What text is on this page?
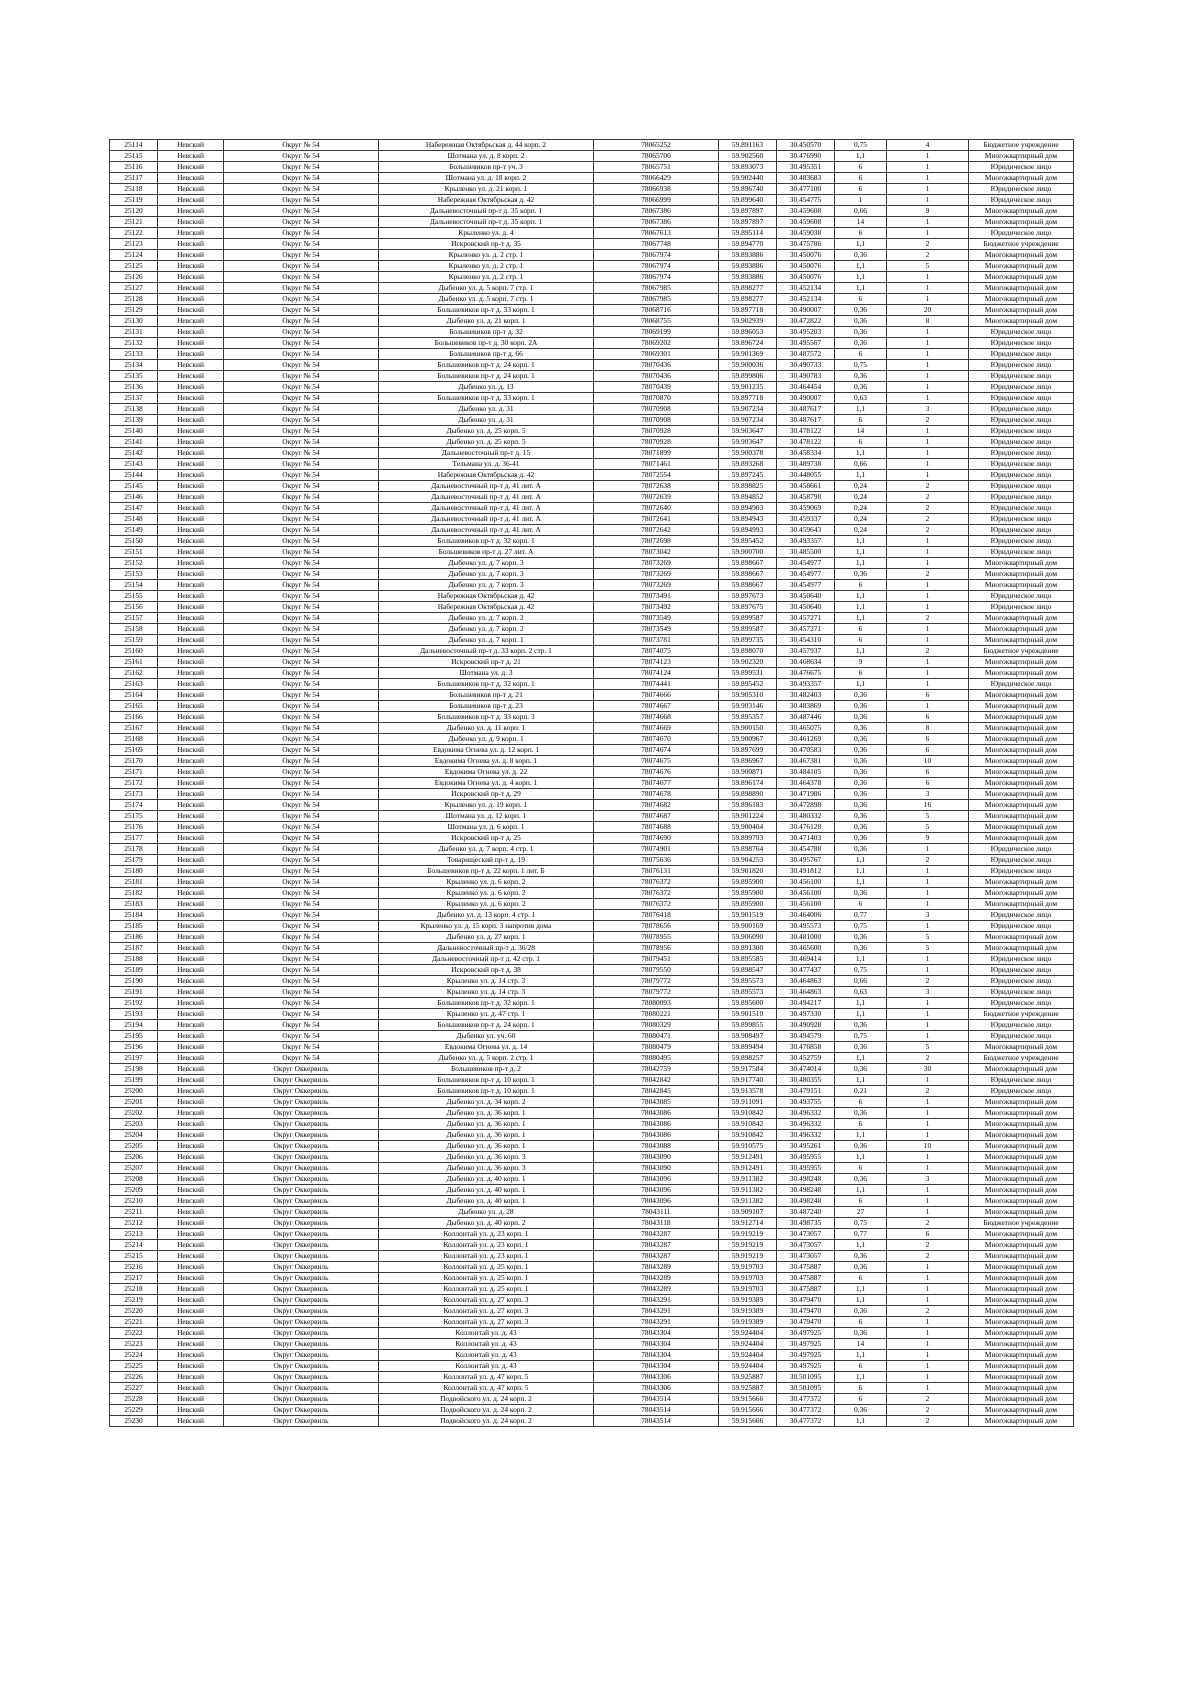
25114	Невский	Округ № 54	Набережная Октябрьская д. 44 корп. 2	78065252	59.891163	30.450570	0,75	4	Бюджетное учреждение
25115	Невский	Округ № 54	Шотмана ул. д. 8 корп. 2	78065700	59.902560	30.476990	1,1	1	Многоквартирный дом
25116	Невский	Округ № 54	Большевиков пр-т уч. 3	78065751	59.893073	30.495351	6	1	Юридическое лицо
25117	Невский	Округ № 54	Шотмана ул. д. 18 корп. 2	78066429	59.902440	30.483683	6	1	Многоквартирный дом
25118	Невский	Округ № 54	Крыленко ул. д. 21 корп. 1	78066938	59.896740	30.477100	6	1	Юридическое лицо
25119	Невский	Округ № 54	Набережная Октябрьская д. 42	78066999	59.899640	30.454775	1	1	Юридическое лицо
25120	Невский	Округ № 54	Дальневосточный пр-т д. 35 корп. 1	78067386	59.897897	30.459608	0,66	9	Многоквартирный дом
25121	Невский	Округ № 54	Дальневосточный пр-т д. 35 корп. 1	78067386	59.897897	30.459608	14	1	Многоквартирный дом
25122	Невский	Округ № 54	Крыленко ул. д. 4	78067613	59.895114	30.459038	6	1	Юридическое лицо
25123	Невский	Округ № 54	Искровский пр-т д. 35	78067748	59.894770	30.475786	1,1	2	Бюджетное учреждение
25124	Невский	Округ № 54	Крыленко ул. д. 2 стр. 1	78067974	59.893886	30.450076	0,36	2	Многоквартирный дом
25125	Невский	Округ № 54	Крыленко ул. д. 2 стр. 1	78067974	59.893886	30.450076	1,1	5	Многоквартирный дом
25126	Невский	Округ № 54	Крыленко ул. д. 2 стр. 1	78067974	59.893886	30.450076	1,1	1	Многоквартирный дом
25127	Невский	Округ № 54	Дыбенко ул. д. 5 корп. 7 стр. 1	78067985	59.898277	30.452134	1,1	1	Многоквартирный дом
25128	Невский	Округ № 54	Дыбенко ул. д. 5 корп. 7 стр. 1	78067985	59.898277	30.452134	6	1	Многоквартирный дом
25129	Невский	Округ № 54	Большевиков пр-т д. 33 корп. 1	78068716	59.897718	30.490007	0,36	20	Многоквартирный дом
25130	Невский	Округ № 54	Дыбенко ул. д. 21 корп. 1	78068755	59.902939	30.472822	0,36	8	Многоквартирный дом
25131	Невский	Округ № 54	Большевиков пр-т д. 32	78069199	59.896053	30.495203	0,36	1	Юридическое лицо
25132	Невский	Округ № 54	Большевиков пр-т д. 30 корп. 2А	78069202	59.896724	30.495567	0,36	1	Юридическое лицо
25133	Невский	Округ № 54	Большевиков пр-т д. 66	78069301	59.901369	30.487572	6	1	Юридическое лицо
25134	Невский	Округ № 54	Большевиков пр-т д. 24 корп. 1	78070436	59.900036	30.490733	0,75	1	Юридическое лицо
25135	Невский	Округ № 54	Большевиков пр-т д. 24 корп. 1	78070436	59.899806	30.490783	0,36	1	Юридическое лицо
25136	Невский	Округ № 54	Дыбенко ул. д. 13	78070439	59.901235	30.464454	0,36	1	Юридическое лицо
25137	Невский	Округ № 54	Большевиков пр-т д. 33 корп. 1	78070870	59.897718	30.490007	0,63	1	Юридическое лицо
25138	Невский	Округ № 54	Дыбенко ул. д. 31	78070908	59.907234	30.487617	1,1	3	Юридическое лицо
25139	Невский	Округ № 54	Дыбенко ул. д. 31	78070908	59.907234	30.487617	6	2	Юридическое лицо
25140	Невский	Округ № 54	Дыбенко ул. д. 25 корп. 5	78070928	59.903647	30.478122	14	1	Юридическое лицо
25141	Невский	Округ № 54	Дыбенко ул. д. 25 корп. 5	78070928	59.903647	30.478122	6	1	Юридическое лицо
25142	Невский	Округ № 54	Дальневосточный пр-т д. 15	78071899	59.900378	30.458334	1,1	1	Юридическое лицо
25143	Невский	Округ № 54	Тельмана ул. д. 36-41	78071461	59.893268	30.489738	0,66	1	Юридическое лицо
25144	Невский	Округ № 54	Набережная Октябрьская д. 42	78072554	59.897245	30.448055	1,1	1	Юридическое лицо
25145	Невский	Округ № 54	Дальневосточный пр-т д. 41 лит. А	78072638	59.898825	30.458661	0,24	2	Юридическое лицо
25146	Невский	Округ № 54	Дальневосточный пр-т д. 41 лит. А	78072639	59.894852	30.458798	0,24	2	Юридическое лицо
25147	Невский	Округ № 54	Дальневосточный пр-т д. 41 лит. А	78072640	59.894903	30.459069	0,24	2	Юридическое лицо
25148	Невский	Округ № 54	Дальневосточный пр-т д. 41 лит. А	78072641	59.894943	30.459337	0,24	2	Юридическое лицо
25149	Невский	Округ № 54	Дальневосточный пр-т д. 41 лит. А	78072642	59.894993	30.459643	0,24	2	Юридическое лицо
25150	Невский	Округ № 54	Большевиков пр-т д. 32 корп. 1	78072698	59.895452	30.493357	1,1	1	Юридическое лицо
25151	Невский	Округ № 54	Большевиков пр-т д. 27 лит. А	78073042	59.900700	30.485500	1,1	1	Юридическое лицо
25152	Невский	Округ № 54	Дыбенко ул. д. 7 корп. 3	78073269	59.898667	30.454977	1,1	1	Многоквартирный дом
25153	Невский	Округ № 54	Дыбенко ул. д. 7 корп. 3	78073269	59.898667	30.454977	0,36	2	Многоквартирный дом
25154	Невский	Округ № 54	Дыбенко ул. д. 7 корп. 3	78073269	59.898667	30.454977	6	1	Многоквартирный дом
25155	Невский	Округ № 54	Набережная Октябрьская д. 42	78073491	59.897673	30.450640	1,1	1	Юридическое лицо
25156	Невский	Округ № 54	Набережная Октябрьская д. 42	78073492	59.897675	30.450640	1,1	1	Юридическое лицо
25157	Невский	Округ № 54	Дыбенко ул. д. 7 корп. 2	78073549	59.899587	30.457271	1,1	2	Многоквартирный дом
25158	Невский	Округ № 54	Дыбенко ул. д. 7 корп. 2	78073549	59.899587	30.457271	6	1	Многоквартирный дом
25159	Невский	Округ № 54	Дыбенко ул. д. 7 корп. 1	78073781	59.899735	30.454310	6	1	Многоквартирный дом
25160	Невский	Округ № 54	Дальневосточный пр-т д. 33 корп. 2 стр. 1	78074075	59.898070	30.457937	1,1	2	Бюджетное учреждение
25161	Невский	Округ № 54	Искровский пр-т д. 21	78074123	59.902320	30.468634	9	1	Многоквартирный дом
25162	Невский	Округ № 54	Шотмана ул. д. 3	78074124	59.899531	30.476675	6	1	Многоквартирный дом
25163	Невский	Округ № 54	Большевиков пр-т д. 32 корп. 1	78074441	59.895452	30.493357	1,1	1	Юридическое лицо
25164	Невский	Округ № 54	Большевиков пр-т д. 21	78074666	59.905310	30.482403	0,36	6	Многоквартирный дом
25165	Невский	Округ № 54	Большевиков пр-т д. 23	78074667	59.903146	30.483869	0,36	1	Многоквартирный дом
25166	Невский	Округ № 54	Большевиков пр-т д. 33 корп. 3	78074668	59.895357	30.487446	0,36	6	Многоквартирный дом
25167	Невский	Округ № 54	Дыбенко ул. д. 11 корп. 1	78074669	59.900150	30.465075	0,36	8	Многоквартирный дом
25168	Невский	Округ № 54	Дыбенко ул. д. 9 корп. 1	78074670	59.900967	30.461269	0,36	6	Многоквартирный дом
25169	Невский	Округ № 54	Евдокима Огнева ул. д. 12 корп. 1	78074674	59.897699	30.470583	0,36	6	Многоквартирный дом
25170	Невский	Округ № 54	Евдокима Огнева ул. д. 8 корп. 1	78074675	59.896967	30.467381	0,36	10	Многоквартирный дом
25171	Невский	Округ № 54	Евдокима Огнева ул. д. 22	78074676	59.900871	30.484105	0,36	6	Многоквартирный дом
25172	Невский	Округ № 54	Евдокима Огнева ул. д. 4 корп. 1	78074677	59.896174	30.464378	0,36	6	Многоквартирный дом
25173	Невский	Округ № 54	Искровский пр-т д. 29	78074678	59.898890	30.471986	0,36	3	Многоквартирный дом
25174	Невский	Округ № 54	Крыленко ул. д. 19 корп. 1	78074682	59.896183	30.472898	0,36	16	Многоквартирный дом
25175	Невский	Округ № 54	Шотмана ул. д. 12 корп. 1	78074687	59.901224	30.480332	0,36	5	Многоквартирный дом
25176	Невский	Округ № 54	Шотмана ул. д. 6 корп. 1	78074688	59.900404	30.476128	0,36	5	Многоквартирный дом
25177	Невский	Округ № 54	Искровский пр-т д. 25	78074690	59.899793	30.471403	0,36	9	Многоквартирный дом
25178	Невский	Округ № 54	Дыбенко ул. д. 7 корп. 4 стр. 1	78074901	59.898764	30.454788	0,36	1	Юридическое лицо
25179	Невский	Округ № 54	Товарищеский пр-т д. 19	78075636	59.904253	30.495767	1,1	2	Юридическое лицо
25180	Невский	Округ № 54	Большевиков пр-т д. 22 корп. 1 лит. Б	78076131	59.901820	30.491812	1,1	1	Юридическое лицо
25181	Невский	Округ № 54	Крыленко ул. д. 6 корп. 2	78076372	59.895900	30.456100	1,1	1	Многоквартирный дом
25182	Невский	Округ № 54	Крыленко ул. д. 6 корп. 2	78076372	59.895900	30.456100	0,36	1	Многоквартирный дом
25183	Невский	Округ № 54	Крыленко ул. д. 6 корп. 2	78076372	59.895900	30.456100	6	1	Многоквартирный дом
25184	Невский	Округ № 54	Дыбенко ул. д. 13 корп. 4 стр. 1	78076418	59.901519	30.464006	0,77	3	Юридическое лицо
25185	Невский	Округ № 54	Крыленко ул. д. 15 корп. 3 напротив дома	78078656	59.900169	30.495573	0,75	1	Юридическое лицо
25186	Невский	Округ № 54	Дыбенко ул. д. 27 корп. 1	78078955	59.906090	30.481000	0,36	5	Многоквартирный дом
25187	Невский	Округ № 54	Дальневосточный пр-т д. 36/28	78078956	59.891300	30.465600	0,36	5	Многоквартирный дом
25188	Невский	Округ № 54	Дальневосточный пр-т д. 42 стр. 1	78079451	59.895585	30.469414	1,1	1	Юридическое лицо
25189	Невский	Округ № 54	Искровский пр-т д. 38	78079550	59.898547	30.477437	0,75	1	Юридическое лицо
25190	Невский	Округ № 54	Крыленко ул. д. 14 стр. 3	78079772	59.895573	30.464863	0,66	2	Юридическое лицо
25191	Невский	Округ № 54	Крыленко ул. д. 14 стр. 3	78079772	59.895573	30.464863	0,63	3	Юридическое лицо
25192	Невский	Округ № 54	Большевиков пр-т д. 32 корп. 1	78080093	59.895600	30.494217	1,1	1	Юридическое лицо
25193	Невский	Округ № 54	Крыленко ул. д. 47 стр. 1	78080221	59.901510	30.497330	1,1	1	Бюджетное учреждение
25194	Невский	Округ № 54	Большевиков пр-т д. 24 корп. 1	78080329	59.899855	30.490928	0,36	1	Юридическое лицо
25195	Невский	Округ № 54	Дыбенко ул. уч. 60	78080471	59.908497	30.494579	0,75	1	Юридическое лицо
25196	Невский	Округ № 54	Евдокима Огнева ул. д. 14	78080479	59.899494	30.476858	0,36	5	Многоквартирный дом
25197	Невский	Округ № 54	Дыбенко ул. д. 5 корп. 2 стр. 1	78080495	59.898257	30.452759	1,1	2	Бюджетное учреждение
25198	Невский	Округ Оккервиль	Большевиков пр-т д. 2	78042759	59.917584	30.474014	0,36	30	Многоквартирный дом
25199	Невский	Округ Оккервиль	Большевиков пр-т д. 10 корп. 1	78042842	59.917740	30.480355	1,1	1	Юридическое лицо
25200	Невский	Округ Оккервиль	Большевиков пр-т д. 10 корп. 1	78042845	59.913578	30.479151	0,21	2	Юридическое лицо
25201	Невский	Округ Оккервиль	Дыбенко ул. д. 34 корп. 2	78043085	59.911091	30.493755	6	1	Многоквартирный дом
25202	Невский	Округ Оккервиль	Дыбенко ул. д. 36 корп. 1	78043086	59.910842	30.496332	0,36	1	Многоквартирный дом
25203	Невский	Округ Оккервиль	Дыбенко ул. д. 36 корп. 1	78043086	59.910842	30.496332	6	1	Многоквартирный дом
25204	Невский	Округ Оккервиль	Дыбенко ул. д. 36 корп. 1	78043086	59.910842	30.496332	1,1	1	Многоквартирный дом
25205	Невский	Округ Оккервиль	Дыбенко ул. д. 36 корп. 1	78043088	59.910575	30.495261	0,36	10	Многоквартирный дом
25206	Невский	Округ Оккервиль	Дыбенко ул. д. 36 корп. 3	78043090	59.912491	30.495955	1,1	1	Многоквартирный дом
25207	Невский	Округ Оккервиль	Дыбенко ул. д. 36 корп. 3	78043090	59.912491	30.495955	6	1	Многоквартирный дом
25208	Невский	Округ Оккервиль	Дыбенко ул. д. 40 корп. 1	78043096	59.911382	30.498248	0,36	3	Многоквартирный дом
25209	Невский	Округ Оккервиль	Дыбенко ул. д. 40 корп. 1	78043096	59.911382	30.498248	1,1	1	Многоквартирный дом
25210	Невский	Округ Оккервиль	Дыбенко ул. д. 40 корп. 1	78043096	59.911382	30.498248	6	1	Многоквартирный дом
25211	Невский	Округ Оккервиль	Дыбенко ул. д. 28	78043111	59.909107	30.487240	27	1	Многоквартирный дом
25212	Невский	Округ Оккервиль	Дыбенко ул. д. 40 корп. 2	78043118	59.912714	30.498735	0,75	2	Бюджетное учреждение
25213	Невский	Округ Оккервиль	Коллонтай ул. д. 23 корп. 1	78043287	59.919219	30.473057	0,77	6	Многоквартирный дом
25214	Невский	Округ Оккервиль	Коллонтай ул. д. 23 корп. 1	78043287	59.919219	30.473057	1,1	2	Многоквартирный дом
25215	Невский	Округ Оккервиль	Коллонтай ул. д. 23 корп. 1	78043287	59.919219	30.473057	0,36	2	Многоквартирный дом
25216	Невский	Округ Оккервиль	Коллонтай ул. д. 25 корп. 1	78043289	59.919703	30.475887	0,36	1	Многоквартирный дом
25217	Невский	Округ Оккервиль	Коллонтай ул. д. 25 корп. 1	78043289	59.919703	30.475887	6	1	Многоквартирный дом
25218	Невский	Округ Оккервиль	Коллонтай ул. д. 25 корп. 1	78043289	59.919703	30.475887	1,1	1	Многоквартирный дом
25219	Невский	Округ Оккервиль	Коллонтай ул. д. 27 корп. 3	78043291	59.919389	30.479470	1,1	1	Многоквартирный дом
25220	Невский	Округ Оккервиль	Коллонтай ул. д. 27 корп. 3	78043291	59.919389	30.479470	0,36	2	Многоквартирный дом
25221	Невский	Округ Оккервиль	Коллонтай ул. д. 27 корп. 3	78043291	59.919389	30.479470	6	1	Многоквартирный дом
25222	Невский	Округ Оккервиль	Коллонтай ул. д. 43	78043304	59.924404	30.497925	0,36	1	Многоквартирный дом
25223	Невский	Округ Оккервиль	Коллонтай ул. д. 43	78043304	59.924404	30.497925	14	1	Многоквартирный дом
25224	Невский	Округ Оккервиль	Коллонтай ул. д. 43	78043304	59.924404	30.497925	1,1	1	Многоквартирный дом
25225	Невский	Округ Оккервиль	Коллонтай ул. д. 43	78043304	59.924404	30.497925	6	1	Многоквартирный дом
25226	Невский	Округ Оккервиль	Коллонтай ул. д. 47 корп. 5	78043306	59.925887	30.501095	1,1	1	Многоквартирный дом
25227	Невский	Округ Оккервиль	Коллонтай ул. д. 47 корп. 5	78043306	59.925887	30.501095	6	1	Многоквартирный дом
25228	Невский	Округ Оккервиль	Подвойского ул. д. 24 корп. 2	78043514	59.915666	30.477372	6	2	Многоквартирный дом
25229	Невский	Округ Оккервиль	Подвойского ул. д. 24 корп. 2	78043514	59.915666	30.477372	0,36	2	Многоквартирный дом
25230	Невский	Округ Оккервиль	Подвойского ул. д. 24 корп. 2	78043514	59.915666	30.477372	1,1	2	Многоквартирный дом
